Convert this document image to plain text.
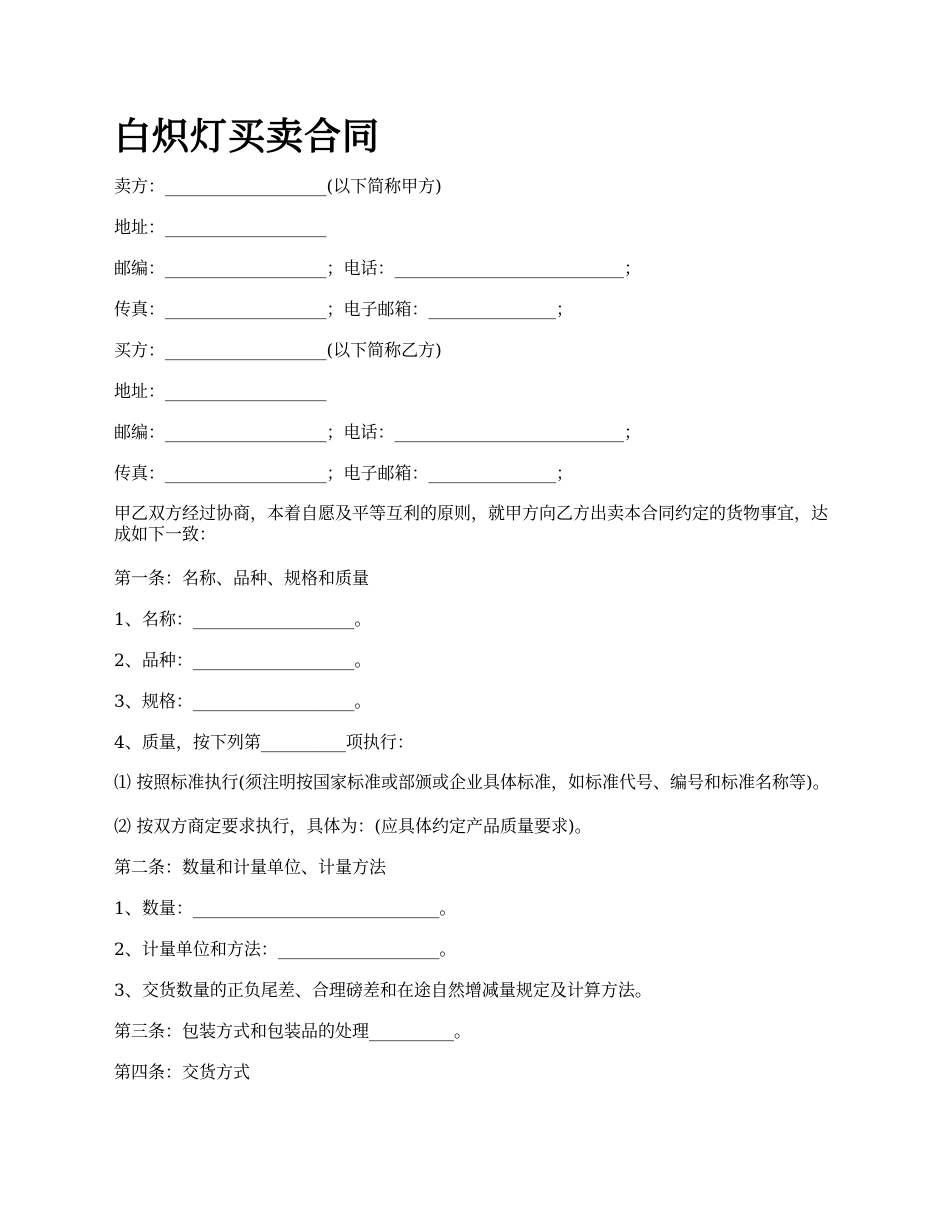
白炽灯买卖合同
卖方：___________________(以下简称甲方)
地址：___________________
邮编：___________________；电话：___________________________；
传真：___________________；电子邮箱：_______________；
买方：___________________(以下简称乙方)
地址：___________________
邮编：___________________；电话：___________________________；
传真：___________________；电子邮箱：_______________；
甲乙双方经过协商，本着自愿及平等互利的原则，就甲方向乙方出卖本合同约定的货物事宜，达成如下一致：
第一条：名称、品种、规格和质量
1、名称：___________________。
2、品种：___________________。
3、规格：___________________。
4、质量，按下列第__________项执行：
⑴ 按照标准执行(须注明按国家标准或部颁或企业具体标准，如标准代号、编号和标准名称等)。
⑵ 按双方商定要求执行，具体为：(应具体约定产品质量要求)。
第二条：数量和计量单位、计量方法
1、数量：_____________________________。
2、计量单位和方法：___________________。
3、交货数量的正负尾差、合理磅差和在途自然增减量规定及计算方法。
第三条：包装方式和包装品的处理__________。
第四条：交货方式
